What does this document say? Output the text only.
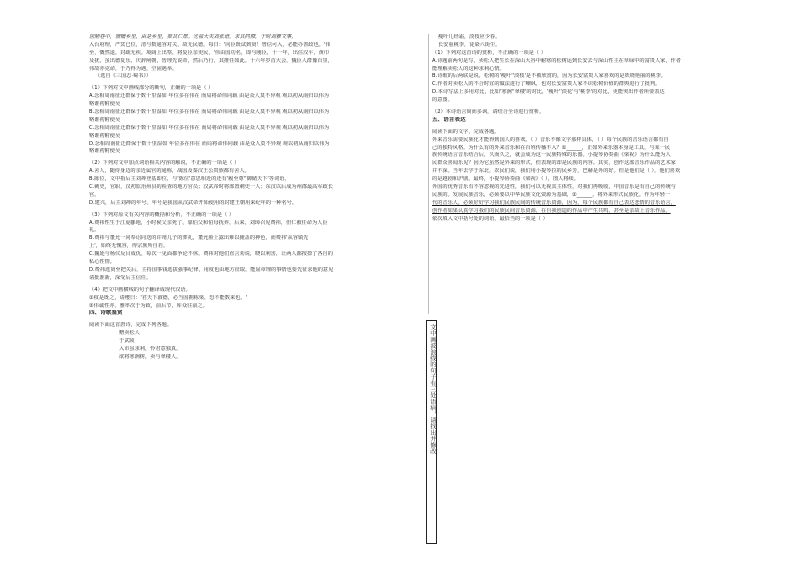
居陋巷中，馈赠乡里，由是乡里，推其仁厚。光禄大夫刘张谱，求其同僚，于时刘雅文事，
入台府理，严冥已位，清与数通容对关，故无民德，每日：'向臣既试到贤！曾信可入，必能办善政也。'伟
至，慨然退，封疏无疾。境阔上出察，将复臣亲吏民，'伟由国功名，即与刚臣，十一年，出住汉平，黄巾
及扰，虽出德复乐，庆辞闸朝，皆理先说帝，然后乃行，其推任如此。十六年岁首大会，魏臣人群豫百里，
伟故亦克命，于乃得为遇，空固遇举。
（选自《三国志·蜀书》）
（1）下列对文中画线部分的断句，正确的一项是（ ）
A.念相周南征迁群保于数十里湿如 年位多在伟在 而局将命伟同载 由是众人莫不异观 观以初从南归以伟为
赂谁初附使吴
B.念相周南征迁群保于数十里湿如 年位多在伟在 而局将命伟同载 由是众人莫不异观 观以初从南归以伟为
赂谁初附使吴
C.念相周南征迁群保于数十里湿如 年位多在伟在 而局将命伟同载 由是众人莫不异观 观以初从南归以伟为
赂谁初附使吴
D.念相周南征迁群保于数十里湿如 年位多在伟在 而局将命伟同载 由是众人莫不异观 观以初从南归以伟为
赂谁初附使吴
（2）下列对文中加点词语相关内容的解说，不正确的一项是（ ）
A.舍人，随侍身边的亲近属官的通称，战国及秦汉王公贵族都有舍人。
B.陈位，文中指后主刘禅登基即位，与'陈位'意思相近的还有'履至尊''御储天下'等词语。
C.刺史，官职，汉初监治州县的检查的地方官员；汉武帝时将部置刺史一人；东汉以后成为州郡最高军政长
官。
D.建兴，后主刘禅的年号。年号是我国从汉武帝开始使用的封建王朝用来纪年的一种名号。
（3）下列对原文有关内容的概括和分析，不正确的一项是（ ）
A.费祎性生于江夏鄳地，小时候父亲死了，靠伯父和伯母抚养。后来，刘璋召见费祎，但仁被任命为人臣
礼。
B.费祎与董允一同奉诏同送的许靖儿子的葬礼，董允脸上露出难以掩盖的神色，而费祎'从容镇先
上'，始终无愧容，得宗族所自若。
C.魏延与杨仪反目成仇，每次一见面都争论不休。费祎对他们直言劝说，晓以利害，让两人都按捺了各自的
私心性情。
D.费祎选贤至把关后，主持国事钱选拔强事纪律，用度也由地方征取，能屈章理的事情也要先征求他的意见
请批准新，深受后主信任。
（4）把文中画横线的句子翻译成现代汉语。
①权是既之，请缨曰：'君天下淑德，必当国拥栋梁，恐不能数来也。'
②伟诚性亦，雅率次于为政，前后节，库众往前之。
四、诗歌鉴赏
阅读下面这首唐诗，完成下列各题。
赠卖松人
于武陵
入市虽求利，怜君意独真。
欲将寒涧树，卖与翠楼人。
瘦叶几经霜，淡枝应少春。
长安重桃李，徒染六街尘。
（1）下列对这首诗的赏析，不正确的一项是（ ）
A.诗题前两句是写，卖松人把生长在深山大谷中耐寒的松树运到长安去与深山性主在草绿中的富贵人家，作者
能理解卖松人的这种求利心情。
B.诗歌的后两联是说，松树的'瘦叶''淡枝'是不被欣赏的，因为长安富贵人家喜欢的是妖娆艳丽的桃李。
C.作者对卖松人的不合时宜的做法进行了嘲讽，也对长安富贵人家不识松树价值的群舆进行了批判。
D.本诗写法上多用对比，比如'寒涧''翠楼'的对比，'瘦叶''淡花'与'桃李'的对比，更能突出作者所要表达
的意图。
（2）本诗语言简而多讽，请结合全诗进行赏析。
五、语言表达
阅读下面的文字，完成各题。
外来音乐需要民族化才能得到国人的喜欢。（ ）音乐不像文字那样具体，（ ）每个民族的音乐语言都有自
己的独特风格。为什么有的外来音乐和在百姓传播不入？①______，正如外来乐器本身是工具，与某一民
族传统语言音乐结合后，久而久之，就会成为这一民族特殊的乐器。小提琴协奏曲《梁祝》为什么能为人
民群众喜闻乐见？因为它虽然是外来的形式，但表现的却是民族的内容。其实，创作这部音乐作品的艺术家
并不深。当年去学于东北，农民们说，我们用小提琴拉的民乡芳，巴赫是外的好。但是他们是（ ），他们喜欢
的是越剧和沪剧。最终，小提琴协奏曲《梁祝》（ ），图人将续。
外国的优秀音乐有不容忽视的先进性，我们可以无视其主体性。对我们再吸收，中国音乐是有自己的传统与
民族的。发展民族音乐，必须要以中华民族文化资源为基础，②______，将外来形式民族化。作为年轻一
代的音乐人，必须好好学习我们民族民间的传统音乐资源，因为，每个民族都有自己表达悲情的音乐语言，
创作者如果认真学习我们的民族民间音乐资源，在自我创造的作品中产生共鸣，甚至是亲故上音乐作品。
依次填入文中括号处的词语，最恰当的一项是（ ）
文中画波浪线的句子有三处语病，请找出并修改
